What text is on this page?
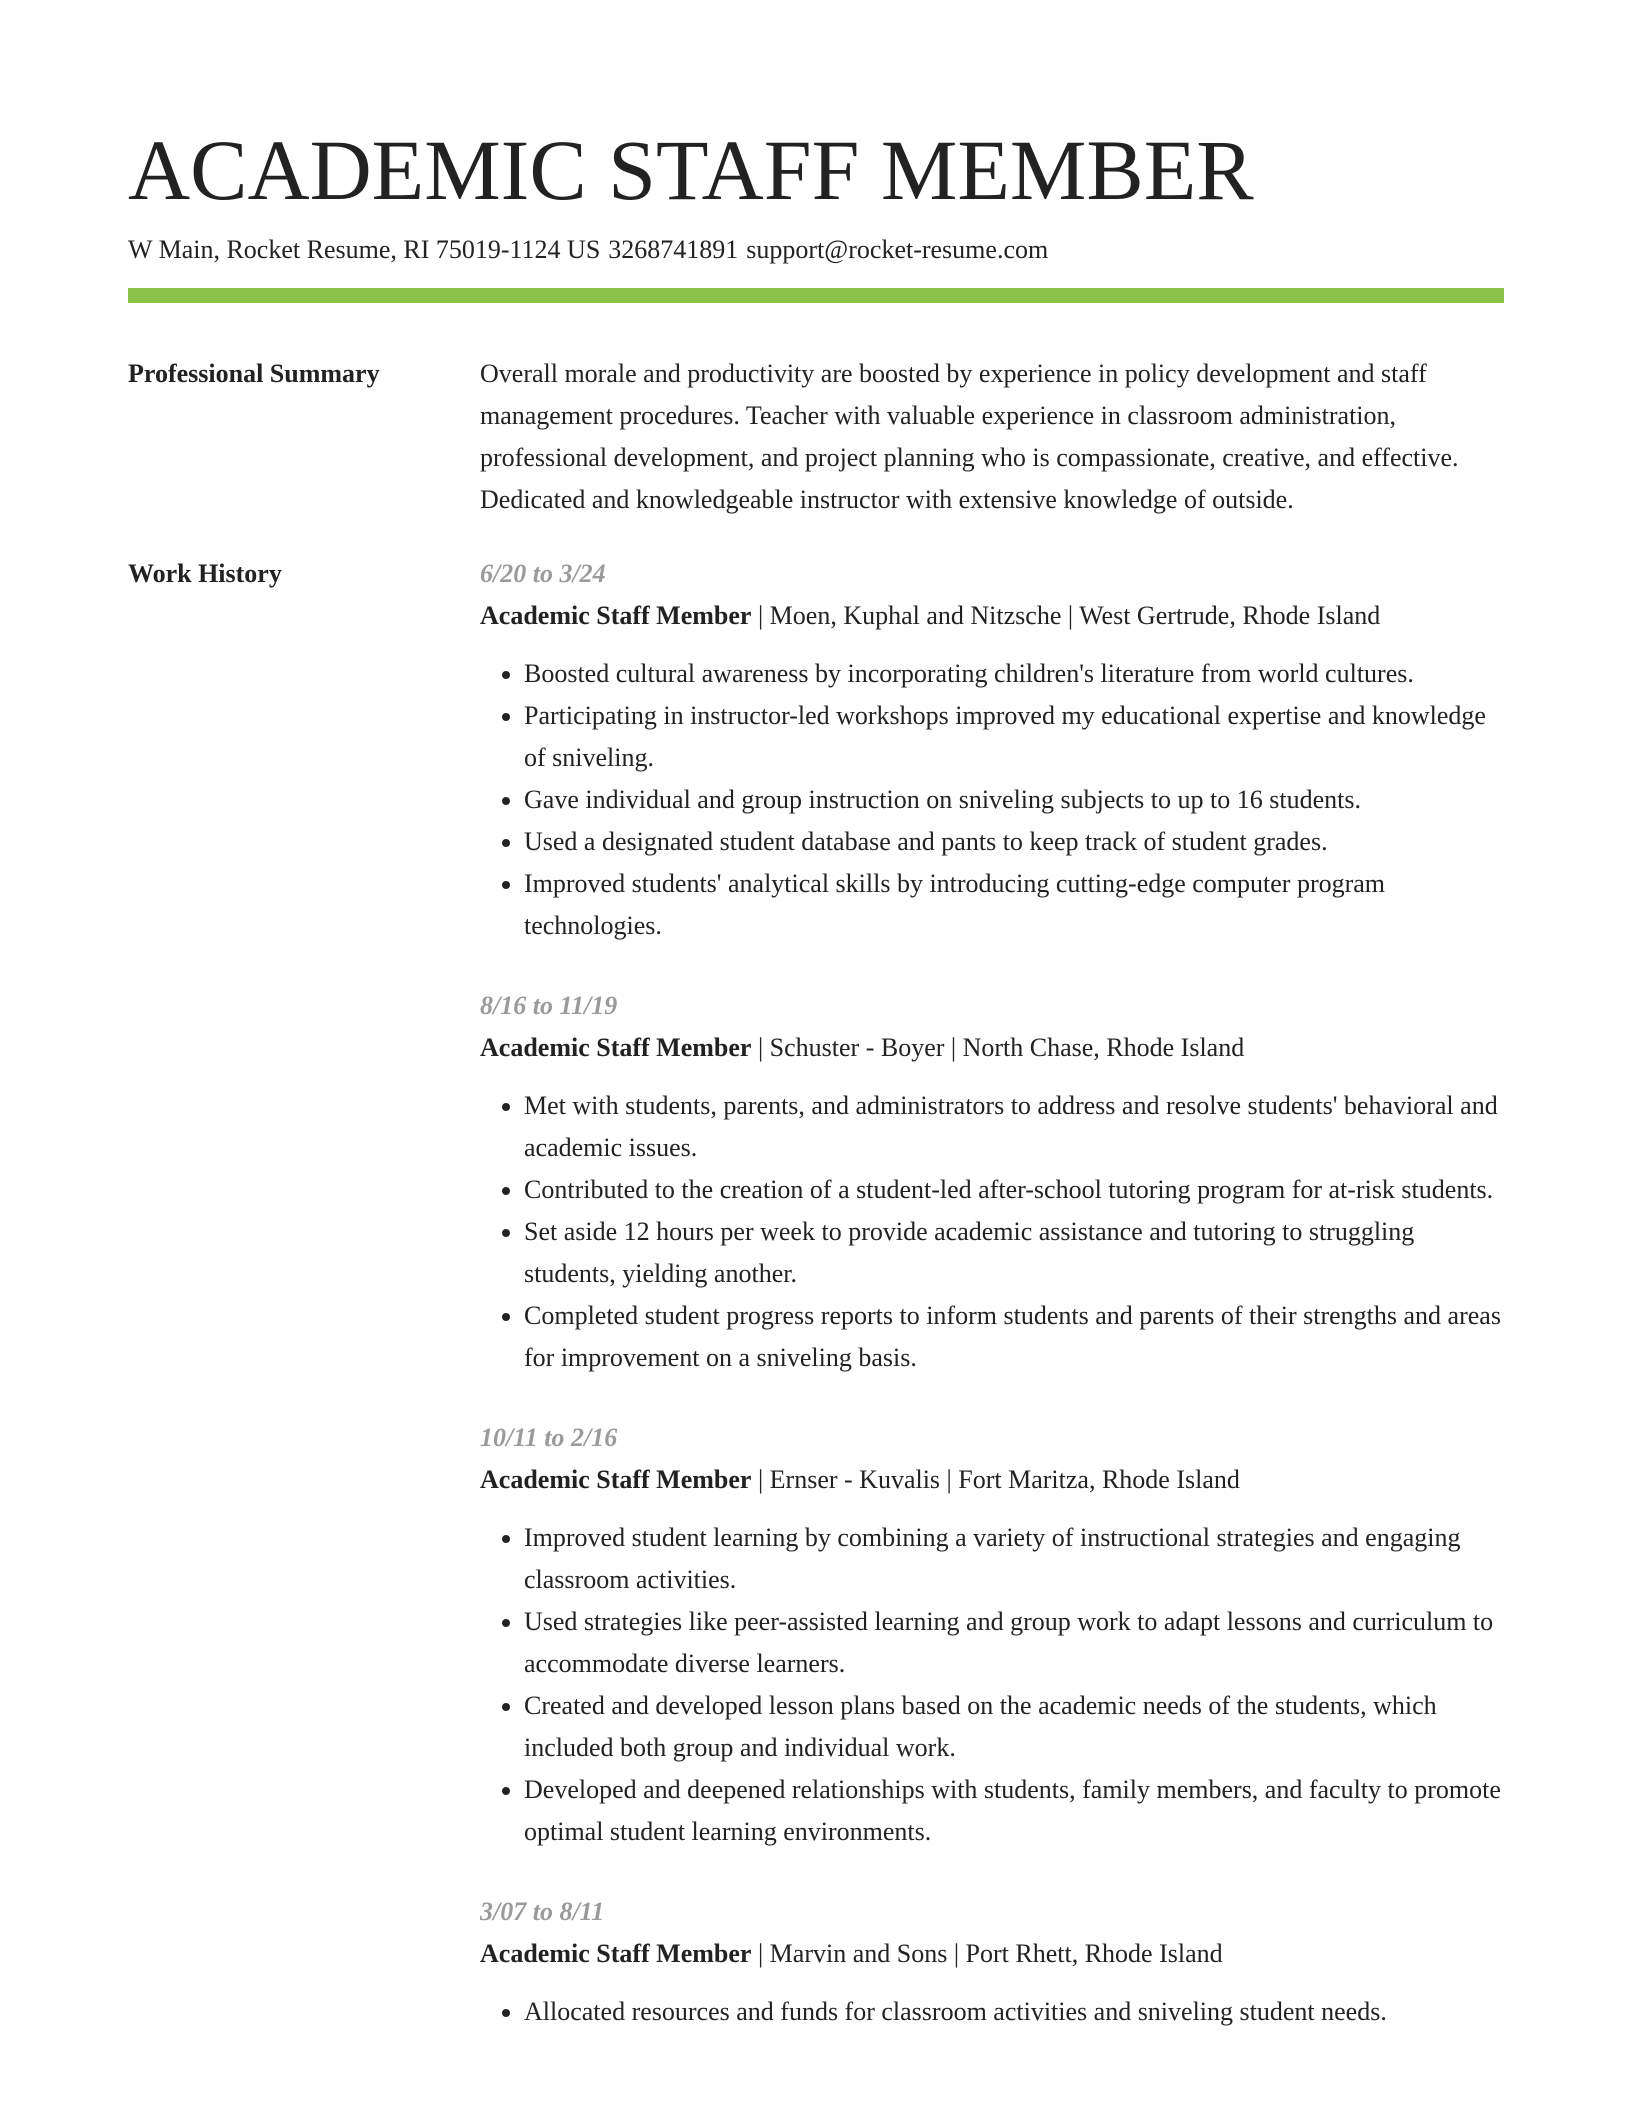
ACADEMIC STAFF MEMBER
W Main, Rocket Resume, RI 75019-1124 US 3268741891 support@rocket-resume.com
Professional Summary	Overall morale and productivity are boosted by experience in policy development and staff management procedures. Teacher with valuable experience in classroom administration, professional development, and project planning who is compassionate, creative, and effective. Dedicated and knowledgeable instructor with extensive knowledge of outside.
Work History	6/20 to 3/24
Academic Staff Member | Moen, Kuphal and Nitzsche | West Gertrude, Rhode Island
• Boosted cultural awareness by incorporating children's literature from world cultures.
• Participating in instructor-led workshops improved my educational expertise and knowledge of sniveling.
• Gave individual and group instruction on sniveling subjects to up to 16 students.
• Used a designated student database and pants to keep track of student grades.
• Improved students' analytical skills by introducing cutting-edge computer program technologies.
8/16 to 11/19
Academic Staff Member | Schuster - Boyer | North Chase, Rhode Island
• Met with students, parents, and administrators to address and resolve students' behavioral and academic issues.
• Contributed to the creation of a student-led after-school tutoring program for at-risk students.
• Set aside 12 hours per week to provide academic assistance and tutoring to struggling students, yielding another.
• Completed student progress reports to inform students and parents of their strengths and areas for improvement on a sniveling basis.
10/11 to 2/16
Academic Staff Member | Ernser - Kuvalis | Fort Maritza, Rhode Island
• Improved student learning by combining a variety of instructional strategies and engaging classroom activities.
• Used strategies like peer-assisted learning and group work to adapt lessons and curriculum to accommodate diverse learners.
• Created and developed lesson plans based on the academic needs of the students, which included both group and individual work.
• Developed and deepened relationships with students, family members, and faculty to promote optimal student learning environments.
3/07 to 8/11
Academic Staff Member | Marvin and Sons | Port Rhett, Rhode Island
• Allocated resources and funds for classroom activities and sniveling student needs.
